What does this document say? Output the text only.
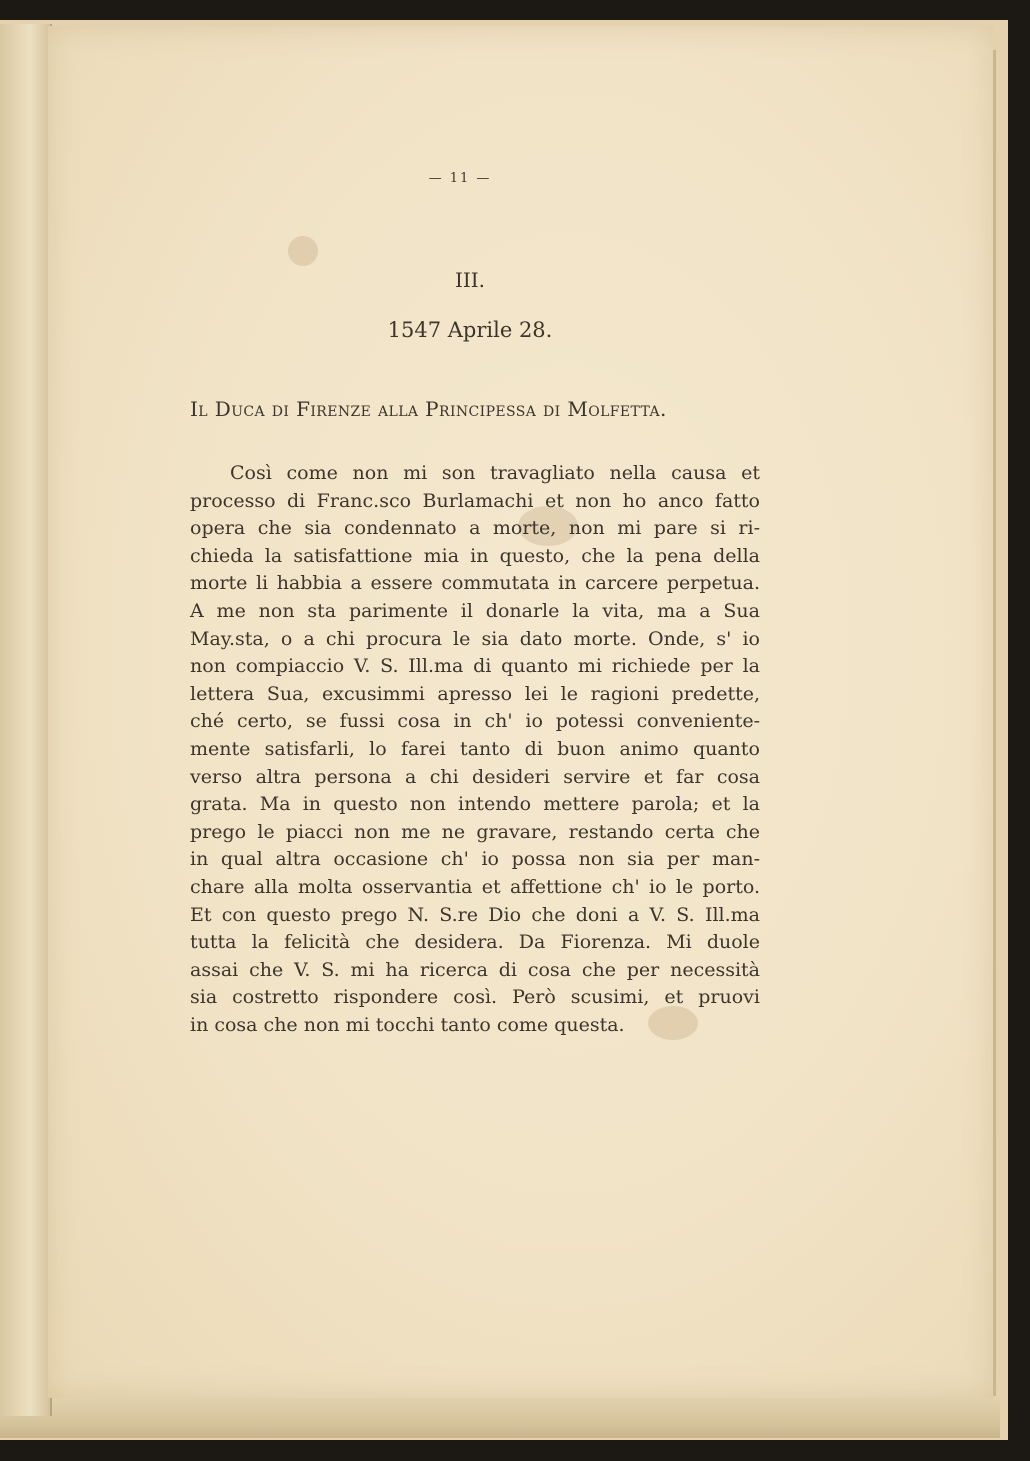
— 11 —
III.
1547 Aprile 28.
Il Duca di Firenze alla Principessa di Molfetta.
Così come non mi son travagliato nella causa et
processo di Franc.sco Burlamachi et non ho anco fatto
opera che sia condennato a morte, non mi pare si ri-
chieda la satisfattione mia in questo, che la pena della
morte li habbia a essere commutata in carcere perpetua.
A me non sta parimente il donarle la vita, ma a Sua
May.sta, o a chi procura le sia dato morte. Onde, s' io
non compiaccio V. S. Ill.ma di quanto mi richiede per la
lettera Sua, excusimmi apresso lei le ragioni predette,
ché certo, se fussi cosa in ch' io potessi conveniente-
mente satisfarli, lo farei tanto di buon animo quanto
verso altra persona a chi desideri servire et far cosa
grata. Ma in questo non intendo mettere parola; et la
prego le piacci non me ne gravare, restando certa che
in qual altra occasione ch' io possa non sia per man-
chare alla molta osservantia et affettione ch' io le porto.
Et con questo prego N. S.re Dio che doni a V. S. Ill.ma
tutta la felicità che desidera. Da Fiorenza. Mi duole
assai che V. S. mi ha ricerca di cosa che per necessità
sia costretto rispondere così. Però scusimi, et pruovi
in cosa che non mi tocchi tanto come questa.
